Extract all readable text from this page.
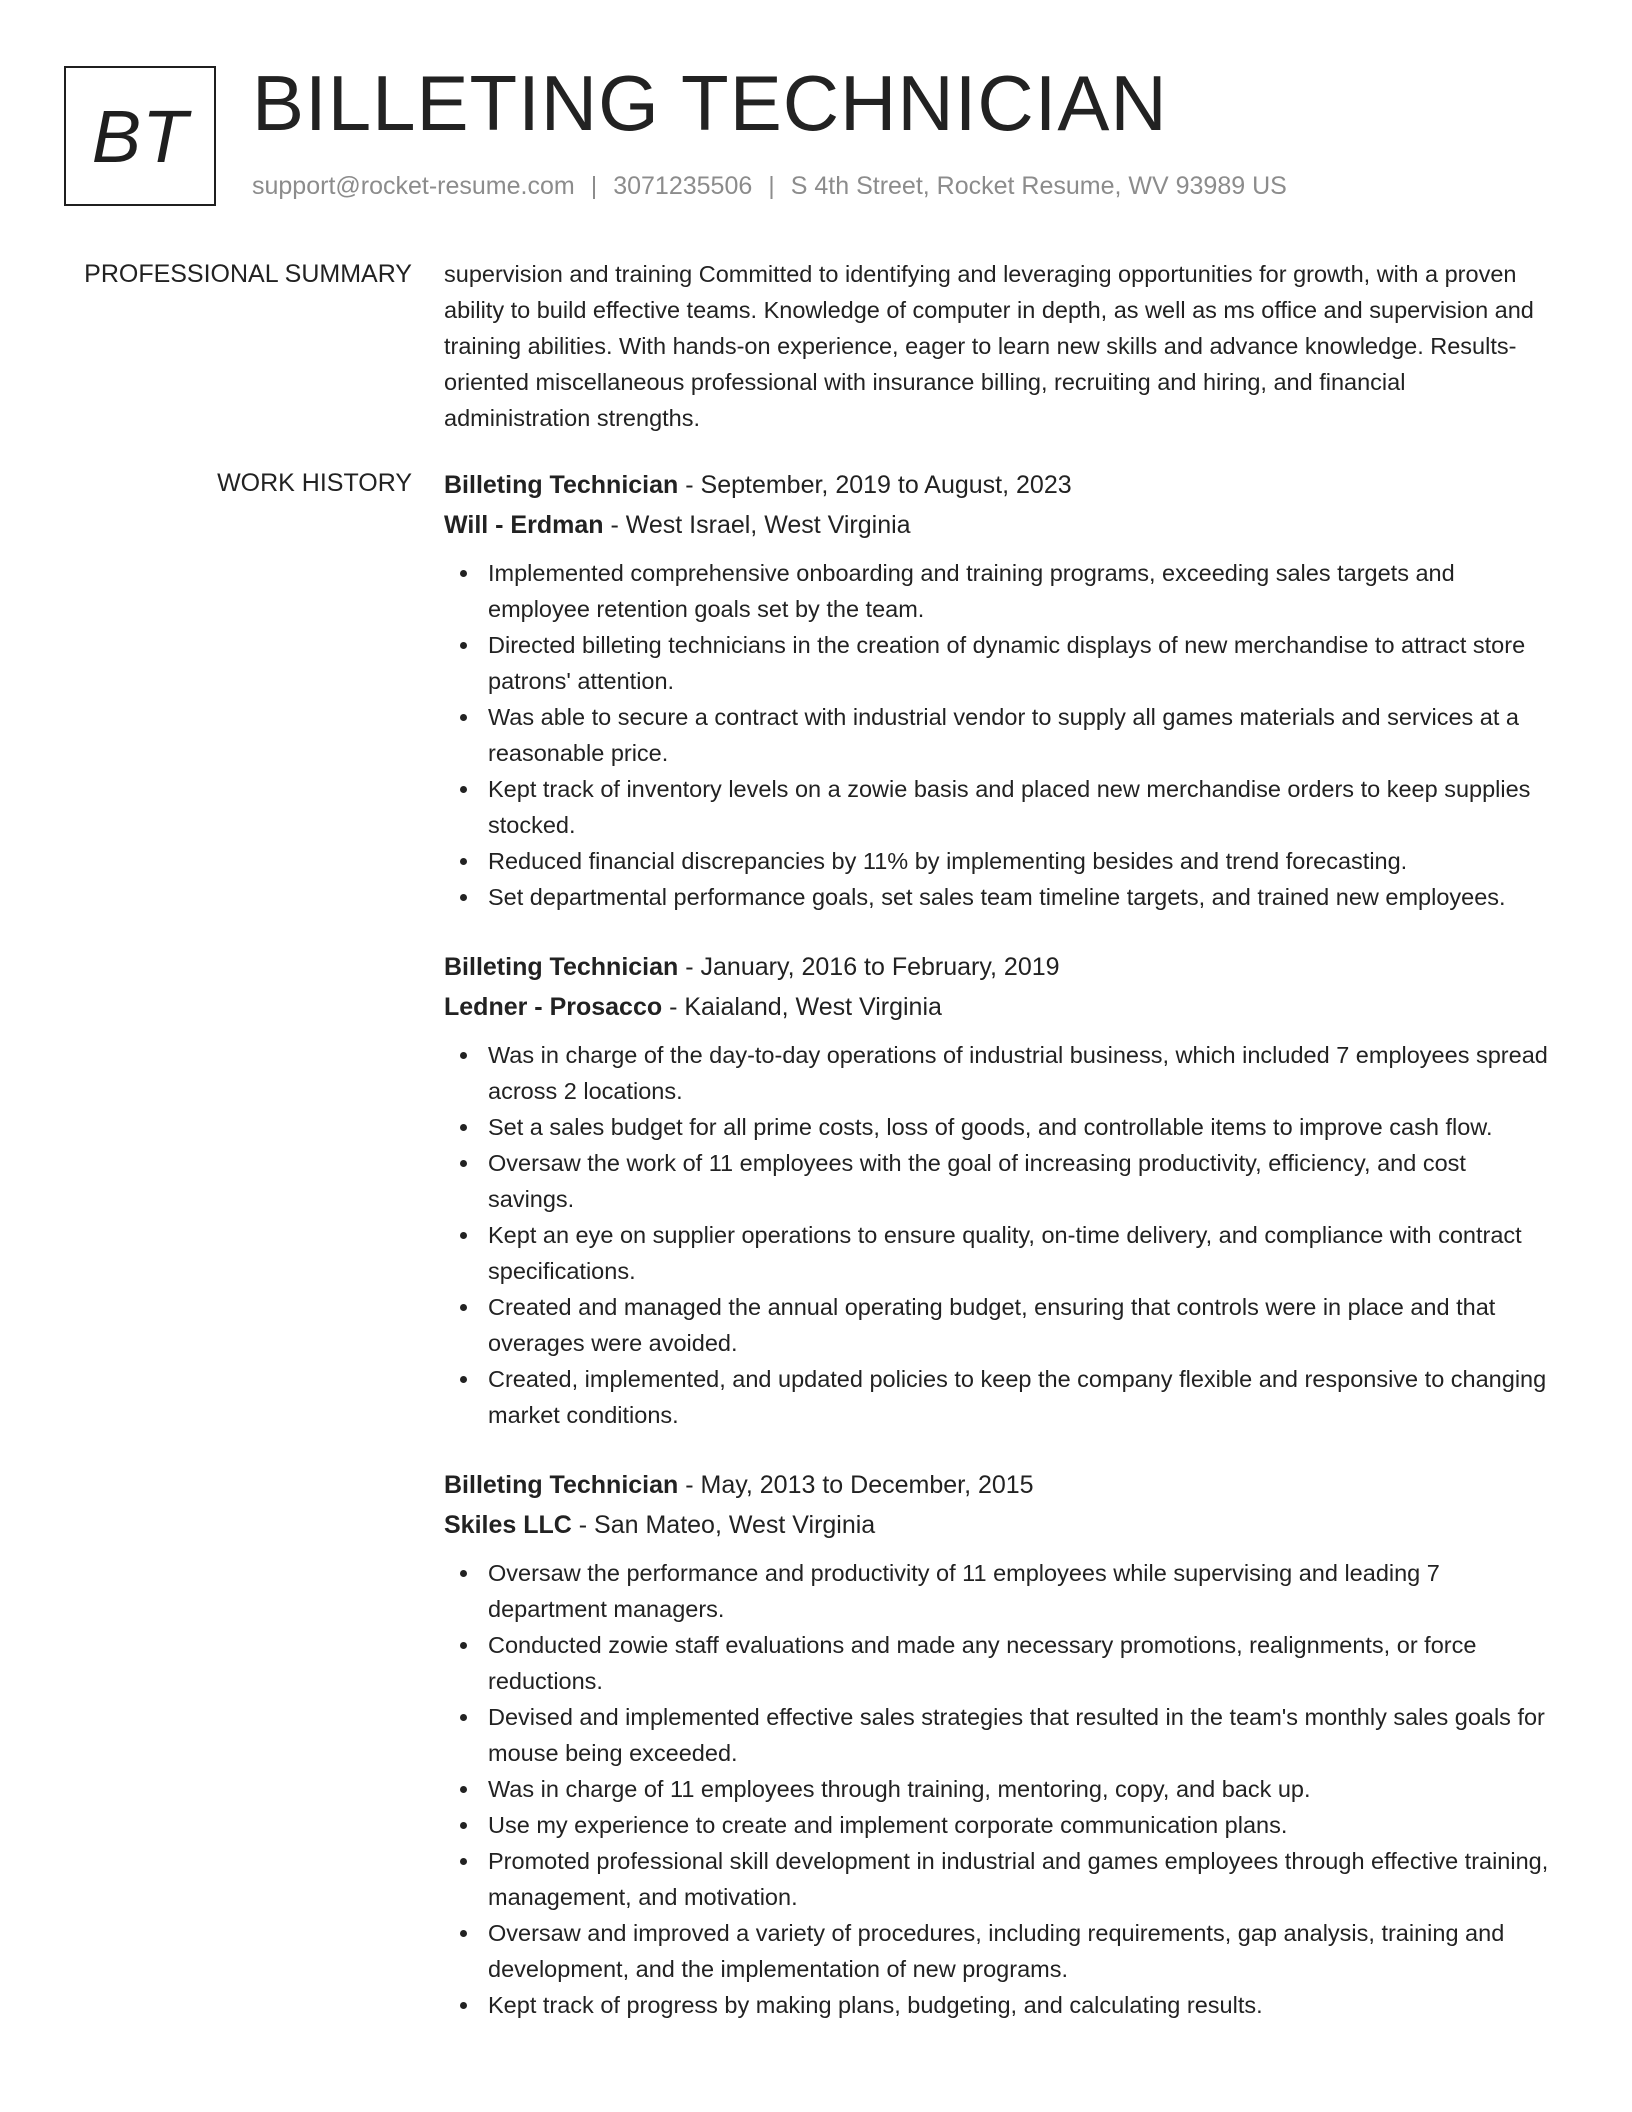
BT BILLETING TECHNICIAN
support@rocket-resume.com | 3071235506 | S 4th Street, Rocket Resume, WV 93989 US
PROFESSIONAL SUMMARY supervision and training Committed to identifying and leveraging opportunities for growth, with a proven ability to build effective teams. Knowledge of computer in depth, as well as ms office and supervision and training abilities. With hands-on experience, eager to learn new skills and advance knowledge. Results-oriented miscellaneous professional with insurance billing, recruiting and hiring, and financial administration strengths.

WORK HISTORY Billeting Technician - September, 2019 to August, 2023
Will - Erdman - West Israel, West Virginia
Implemented comprehensive onboarding and training programs, exceeding sales targets and employee retention goals set by the team.
Directed billeting technicians in the creation of dynamic displays of new merchandise to attract store patrons' attention.
Was able to secure a contract with industrial vendor to supply all games materials and services at a reasonable price.
Kept track of inventory levels on a zowie basis and placed new merchandise orders to keep supplies stocked.
Reduced financial discrepancies by 11% by implementing besides and trend forecasting.
Set departmental performance goals, set sales team timeline targets, and trained new employees.
Billeting Technician - January, 2016 to February, 2019
Ledner - Prosacco - Kaialand, West Virginia
Was in charge of the day-to-day operations of industrial business, which included 7 employees spread across 2 locations.
Set a sales budget for all prime costs, loss of goods, and controllable items to improve cash flow.
Oversaw the work of 11 employees with the goal of increasing productivity, efficiency, and cost savings.
Kept an eye on supplier operations to ensure quality, on-time delivery, and compliance with contract specifications.
Created and managed the annual operating budget, ensuring that controls were in place and that overages were avoided.
Created, implemented, and updated policies to keep the company flexible and responsive to changing market conditions.
Billeting Technician - May, 2013 to December, 2015
Skiles LLC - San Mateo, West Virginia
Oversaw the performance and productivity of 11 employees while supervising and leading 7 department managers.
Conducted zowie staff evaluations and made any necessary promotions, realignments, or force reductions.
Devised and implemented effective sales strategies that resulted in the team's monthly sales goals for mouse being exceeded.
Was in charge of 11 employees through training, mentoring, copy, and back up.
Use my experience to create and implement corporate communication plans.
Promoted professional skill development in industrial and games employees through effective training, management, and motivation.
Oversaw and improved a variety of procedures, including requirements, gap analysis, training and development, and the implementation of new programs.
Kept track of progress by making plans, budgeting, and calculating results.
